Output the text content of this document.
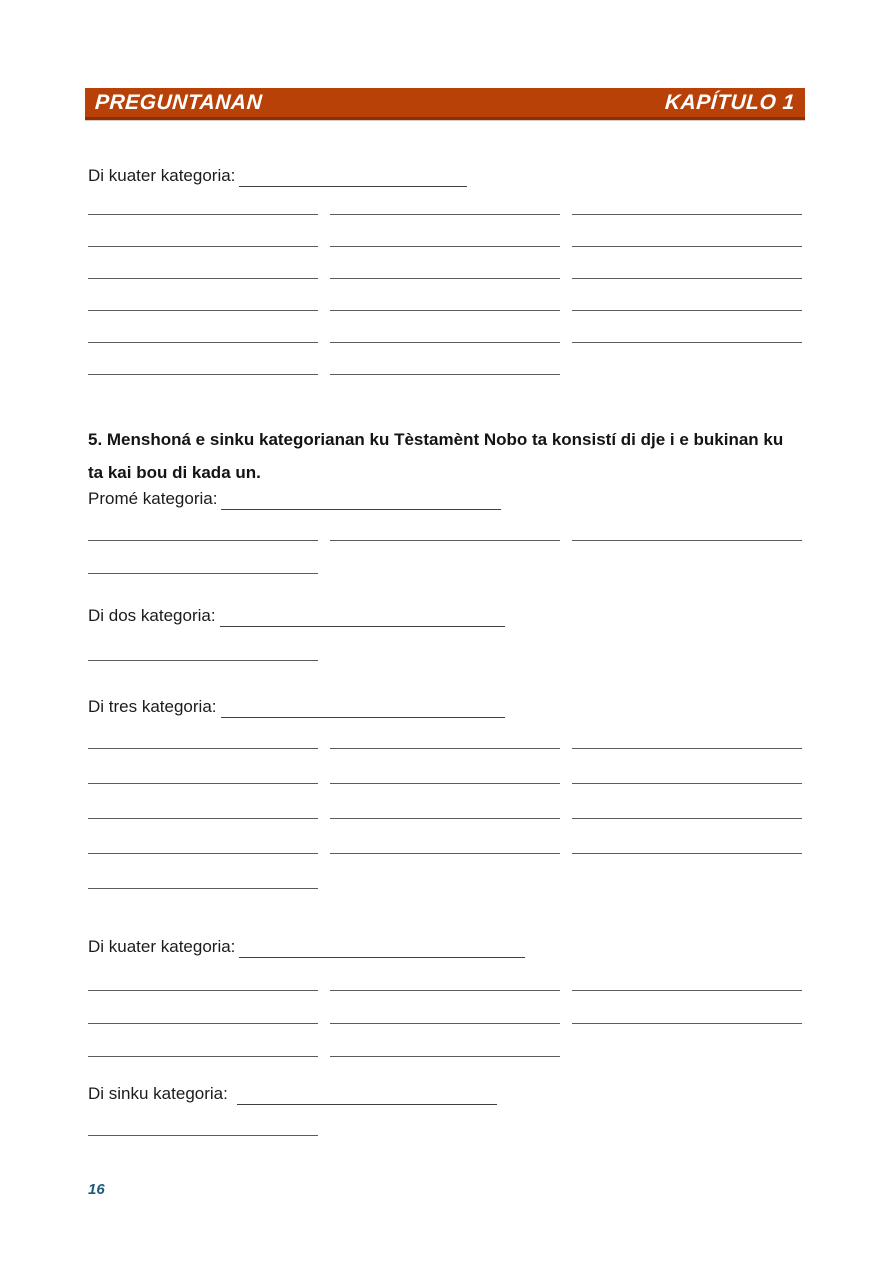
PREGUNTANAN	KAPÍTULO 1
Di kuater kategoria:
5. Menshoná e sinku kategorianan ku Tèstamènt Nobo ta konsistí di dje i e bukinan ku
ta kai bou di kada un.
Promé kategoria:
Di dos kategoria:
Di tres kategoria:
Di kuater kategoria:
Di sinku kategoria:
16
